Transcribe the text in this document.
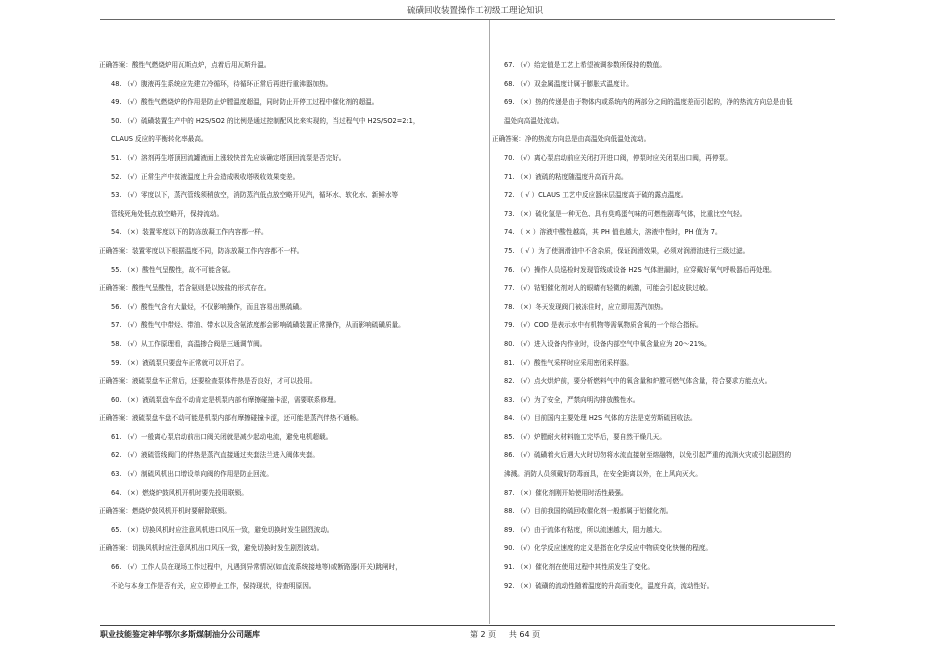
硫磺回收装置操作工初级工理论知识
正确答案：酸性气燃烧炉用瓦斯点炉，点着后用瓦斯升温。
48. （√）腹液再生系统应先建立冷循环，待循环正常后再进行重沸器加热。
49. （√）酸性气燃烧炉的作用是防止炉膛温度超温，同时防止开停工过程中催化剂的超温。
50. （√）硫磺装置生产中的 H2S/SO2 的比例是通过控制配风比来实现的，当过程气中 H2S/SO2=2:1，
CLAUS 反应的平衡转化率最高。
51. （√）溶剂再生塔顶回流罐液面上涨较快首先应该确定塔顶回流泵是否完好。
52. （√）正常生产中贫液温度上升会造成吸收塔吸收效果变差。
53. （√）零度以下，蒸汽管线须稍放空，消防蒸汽低点放空略开见汽，循环水、软化水、新鲜水等
管线死角处低点放空略开，保持流动。
54. （×）装置零度以下的防冻放凝工作内容都一样。
正确答案：装置零度以下根据温度不同，防冻放凝工作内容都不一样。
55. （×）酸性气呈酸性，故不可能含氨。
正确答案：酸性气呈酸性，若含氨则是以铵盐的形式存在。
56. （√）酸性气含有大量烃，不仅影响操作，而且容易出黑硫磺。
57. （√）酸性气中带烃、带油、带水以及含氨浓度都会影响硫磺装置正常操作，从而影响硫磺质量。
58. （√）从工作原理看，高温掺合阀是三通调节阀。
59. （×）液硫泵只要盘车正常就可以开启了。
正确答案：液硫泵盘车正常后，还要检查泵体件热是否良好，才可以投用。
60. （×）液硫泵盘车盘不动肯定是机泵内部有摩擦碰撞卡涩，需要联系修理。
正确答案：液硫泵盘车盘不动可能是机泵内部有摩擦碰撞卡涩，还可能是蒸汽伴热不通畅。
61. （√）一般离心泵启动前出口阀关闭就是减少起动电流，避免电机超载。
62. （√）液硫管线阀门的伴热是蒸汽直接通过夹套法兰进入阀体夹套。
63. （√）制硫风机出口增设单向阀的作用是防止回流。
64. （×）燃烧炉鼓风机开机时要先投用联锁。
正确答案：燃烧炉鼓风机开机时要解除联锁。
65. （×）切换风机时应注意风机进口风压一致，避免切换时发生剧烈波动。
正确答案：切换风机时应注意风机出口风压一致，避免切换时发生剧烈波动。
66. （√）工作人员在现场工作过程中，凡遇到异常情况(如直流系统接地等)或断路器(开关)跳闸时，
不论与本身工作是否有关，应立即停止工作，保持现状，待查明原因。
67. （√）给定值是工艺上希望被调参数所保持的数值。
68. （√）双金属温度计属于膨胀式温度计。
69. （×）热的传递是由于物体内或系统内的两部分之间的温度差而引起的，净的热流方向总是由低
温处向高温处流动。
正确答案：净的热流方向总是由高温处向低温处流动。
70. （√）离心泵启动前应关闭打开进口阀，停泵时应关闭泵出口阀，再停泵。
71. （×）液硫的粘度随温度升高而升高。
72. （ √ ）CLAUS 工艺中反应器床层温度高于硫的露点温度。
73. （×）硫化氢是一种无色、具有臭鸡蛋气味的可燃性剧毒气体，比重比空气轻。
74. （ × ）溶液中酸性越高，其 PH 值也越大，溶液中性时，PH 值为 7。
75. （ √ ）为了使润滑油中不含杂质，保证润滑效果，必须对润滑油进行三级过滤。
76. （√）操作人员巡检时发现管线或设备 H2S 气体泄漏时，应穿戴好氧气呼吸器后再处理。
77. （√）钴钼催化剂对人的眼睛有轻微的刺激，可能会引起皮肤过敏。
78. （×）冬天发现阀门被冻住时，应立即用蒸汽加热。
79. （√）COD 是表示水中有机物等需氧物质含氧的一个综合指标。
80. （√）进入设备内作业时，设备内部空气中氧含量应为 20～21%。
81. （√）酸性气采样时应采用密闭采样器。
82. （√）点火烘炉前，要分析燃料气中的氧含量和炉膛可燃气体含量，符合要求方能点火。
83. （√）为了安全，严禁向明沟排放酸性水。
84. （√）目前国内主要处理 H2S 气体的方法是克劳斯硫回收法。
85. （√）炉膛耐火材料施工完毕后，要自然干燥几天。
86. （√）硫磺着火后遇大火时切勿将水流直接射至熔融物，以免引起严重的流淌火灾或引起剧烈的
沸溅。消防人员须戴好防毒面具，在安全距离以外，在上风向灭火。
87. （×）催化剂刚开始使用时活性最强。
88. （√）目前我国的硫回收催化剂一般都属于铝催化剂。
89. （√）由于流体有粘度，所以流速越大，阻力越大。
90. （√）化学反应速度的定义是指在化学反应中物质变化快慢的程度。
91. （×）催化剂在使用过程中其性质发生了变化。
92. （×）硫磺的流动性随着温度的升高而变化，温度升高，流动性好。
职业技能鉴定神华鄂尔多斯煤制油分公司题库	第 2 页     共 64 页
